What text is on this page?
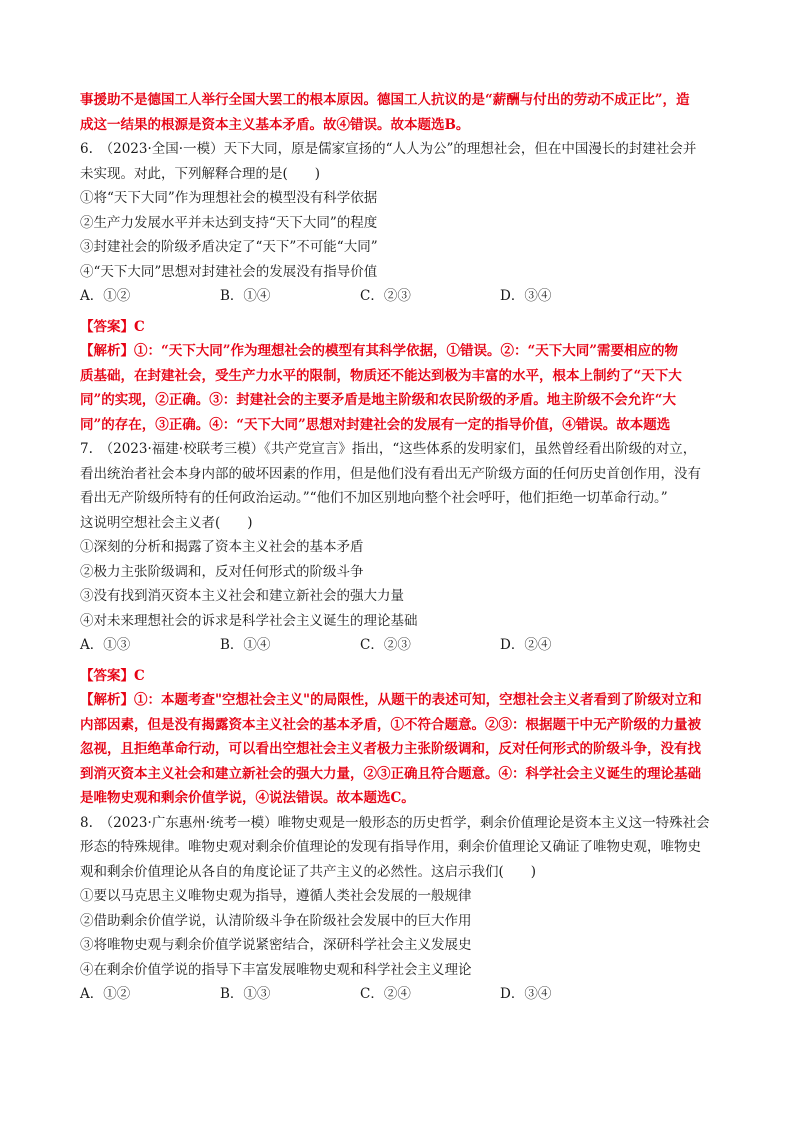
事援助不是德国工人举行全国大罢工的根本原因。德国工人抗议的是“薪酬与付出的劳动不成正比”，造
成这一结果的根源是资本主义基本矛盾。故④错误。故本题选B。
6.　（2023·全国·一模）天下大同，原是儒家宣扬的“人人为公”的理想社会，但在中国漫长的封建社会并
未实现。对此，下列解释合理的是(　　)
①将“天下大同”作为理想社会的模型没有科学依据
②生产力发展水平并未达到支持“天下大同”的程度
③封建社会的阶级矛盾决定了“天下”不可能“大同”
④“天下大同”思想对封建社会的发展没有指导价值
A．①②	B．①④	C．②③	D．③④
【答案】C
【解析】①：“天下大同”作为理想社会的模型有其科学依据，①错误。②：“天下大同”需要相应的物
质基础，在封建社会，受生产力水平的限制，物质还不能达到极为丰富的水平，根本上制约了“天下大
同”的实现，②正确。③：封建社会的主要矛盾是地主阶级和农民阶级的矛盾。地主阶级不会允许“大
同”的存在，③正确。④：“天下大同”思想对封建社会的发展有一定的指导价值，④错误。故本题选
7.　（2023·福建·校联考三模）《共产党宣言》指出，“这些体系的发明家们，虽然曾经看出阶级的对立，
看出统治者社会本身内部的破坏因素的作用，但是他们没有看出无产阶级方面的任何历史首创作用，没有
看出无产阶级所特有的任何政治运动。”“他们不加区别地向整个社会呼吁，他们拒绝一切革命行动。”
这说明空想社会主义者(　　)
①深刻的分析和揭露了资本主义社会的基本矛盾
②极力主张阶级调和，反对任何形式的阶级斗争
③没有找到消灭资本主义社会和建立新社会的强大力量
④对未来理想社会的诉求是科学社会主义诞生的理论基础
A．①③	B．①④	C．②③	D．②④
【答案】C
【解析】①：本题考查"空想社会主义"的局限性，从题干的表述可知，空想社会主义者看到了阶级对立和
内部因素，但是没有揭露资本主义社会的基本矛盾，①不符合题意。②③：根据题干中无产阶级的力量被
忽视，且拒绝革命行动，可以看出空想社会主义者极力主张阶级调和，反对任何形式的阶级斗争，没有找
到消灭资本主义社会和建立新社会的强大力量，②③正确且符合题意。④：科学社会主义诞生的理论基础
是唯物史观和剩余价值学说，④说法错误。故本题选C。
8.　（2023·广东惠州·统考一模）唯物史观是一般形态的历史哲学，剩余价值理论是资本主义这一特殊社会
形态的特殊规律。唯物史观对剩余价值理论的发现有指导作用，剩余价值理论又确证了唯物史观，唯物史
观和剩余价值理论从各自的角度论证了共产主义的必然性。这启示我们(　　)
①要以马克思主义唯物史观为指导，遵循人类社会发展的一般规律
②借助剩余价值学说，认清阶级斗争在阶级社会发展中的巨大作用
③将唯物史观与剩余价值学说紧密结合，深研科学社会主义发展史
④在剩余价值学说的指导下丰富发展唯物史观和科学社会主义理论
A．①②	B．①③	C．②④	D．③④
